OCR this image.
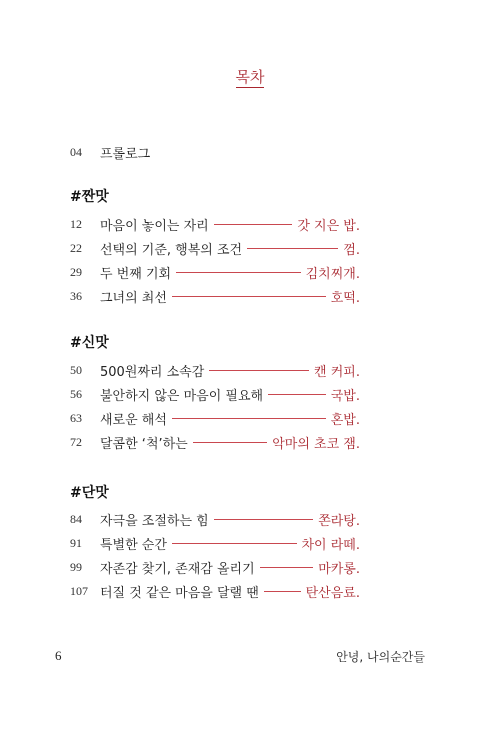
목차
04	프롤로그
#짠맛
12	마음이 놓이는 자리	갓 지은 밥.
22	선택의 기준, 행복의 조건	껌.
29	두 번째 기회	김치찌개.
36	그녀의 최선	호떡.
#신맛
50	500원짜리 소속감	캔 커피.
56	불안하지 않은 마음이 필요해	국밥.
63	새로운 해석	혼밥.
72	달콤한 ‘척’하는	악마의 초코 잼.
#단맛
84	자극을 조절하는 힘	쫀라탕.
91	특별한 순간	차이 라떼.
99	자존감 찾기, 존재감 올리기	마카롱.
107 터질 것 같은 마음을 달랠 땐	탄산음료.
6	안녕, 나의순간들
